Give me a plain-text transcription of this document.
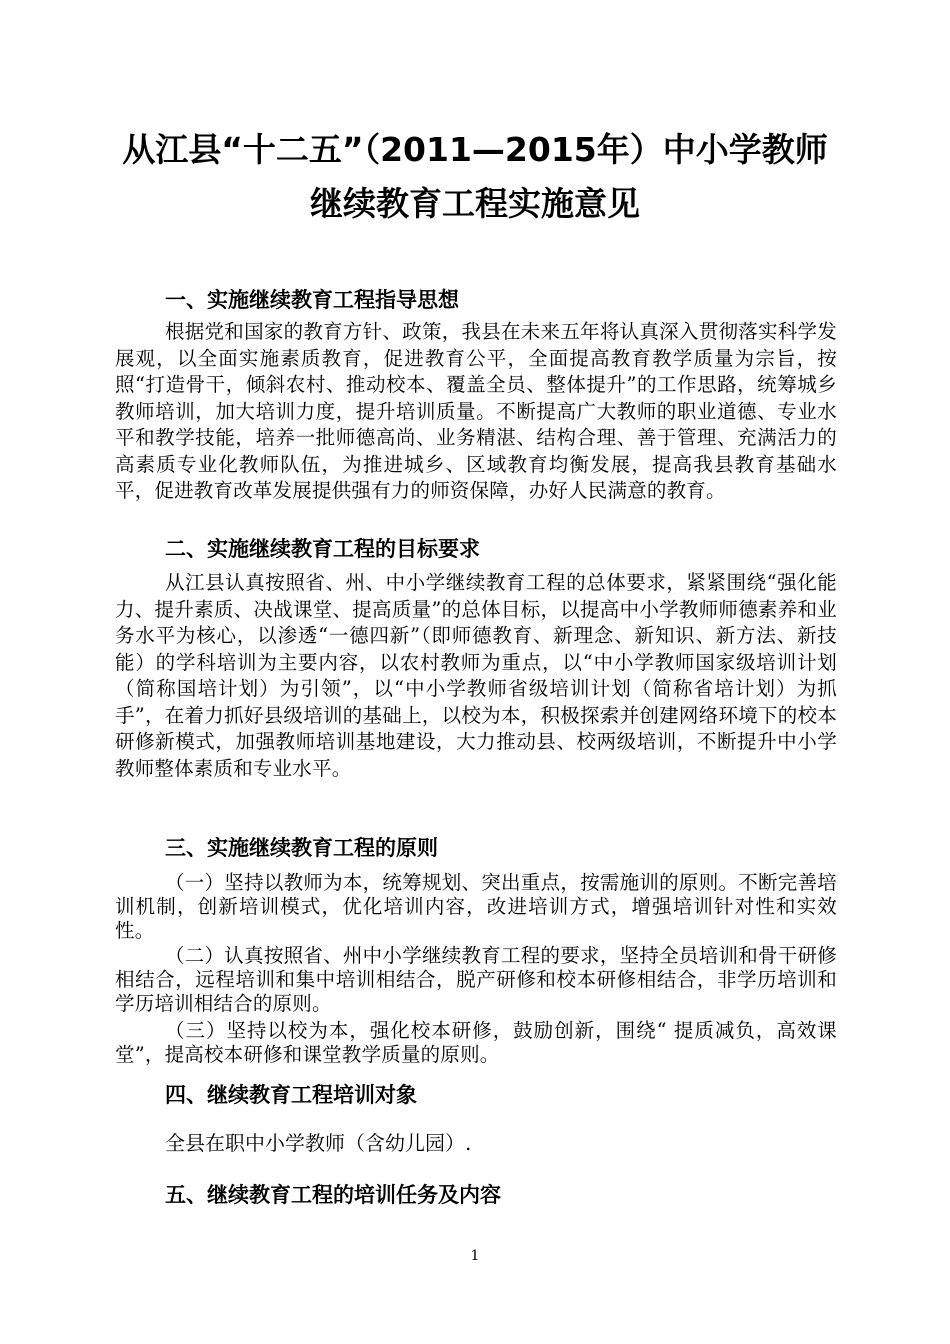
从江县“十二五”（2011—2015年）中小学教师
继续教育工程实施意见
一、实施继续教育工程指导思想
根据党和国家的教育方针、政策，我县在未来五年将认真深入贯彻落实科学发展观，以全面实施素质教育，促进教育公平，全面提高教育教学质量为宗旨，按照“打造骨干，倾斜农村、推动校本、覆盖全员、整体提升”的工作思路，统筹城乡教师培训，加大培训力度，提升培训质量。不断提高广大教师的职业道德、专业水平和教学技能，培养一批师德高尚、业务精湛、结构合理、善于管理、充满活力的高素质专业化教师队伍，为推进城乡、区域教育均衡发展，提高我县教育基础水平，促进教育改革发展提供强有力的师资保障，办好人民满意的教育。
二、实施继续教育工程的目标要求
从江县认真按照省、州、中小学继续教育工程的总体要求，紧紧围绕“强化能力、提升素质、决战课堂、提高质量”的总体目标，以提高中小学教师师德素养和业务水平为核心，以渗透“一德四新”（即师德教育、新理念、新知识、新方法、新技能）的学科培训为主要内容，以农村教师为重点，以“中小学教师国家级培训计划（简称国培计划）为引领”，以“中小学教师省级培训计划（简称省培计划）为抓手”，在着力抓好县级培训的基础上，以校为本，积极探索并创建网络环境下的校本研修新模式，加强教师培训基地建设，大力推动县、校两级培训，不断提升中小学教师整体素质和专业水平。
三、实施继续教育工程的原则
（一）坚持以教师为本，统筹规划、突出重点，按需施训的原则。不断完善培训机制，创新培训模式，优化培训内容，改进培训方式，增强培训针对性和实效性。
（二）认真按照省、州中小学继续教育工程的要求，坚持全员培训和骨干研修相结合，远程培训和集中培训相结合，脱产研修和校本研修相结合，非学历培训和学历培训相结合的原则。
（三）坚持以校为本，强化校本研修，鼓励创新，围绕“ 提质减负，高效课堂”，提高校本研修和课堂教学质量的原则。
四、继续教育工程培训对象
全县在职中小学教师（含幼儿园）.
五、继续教育工程的培训任务及内容
1
